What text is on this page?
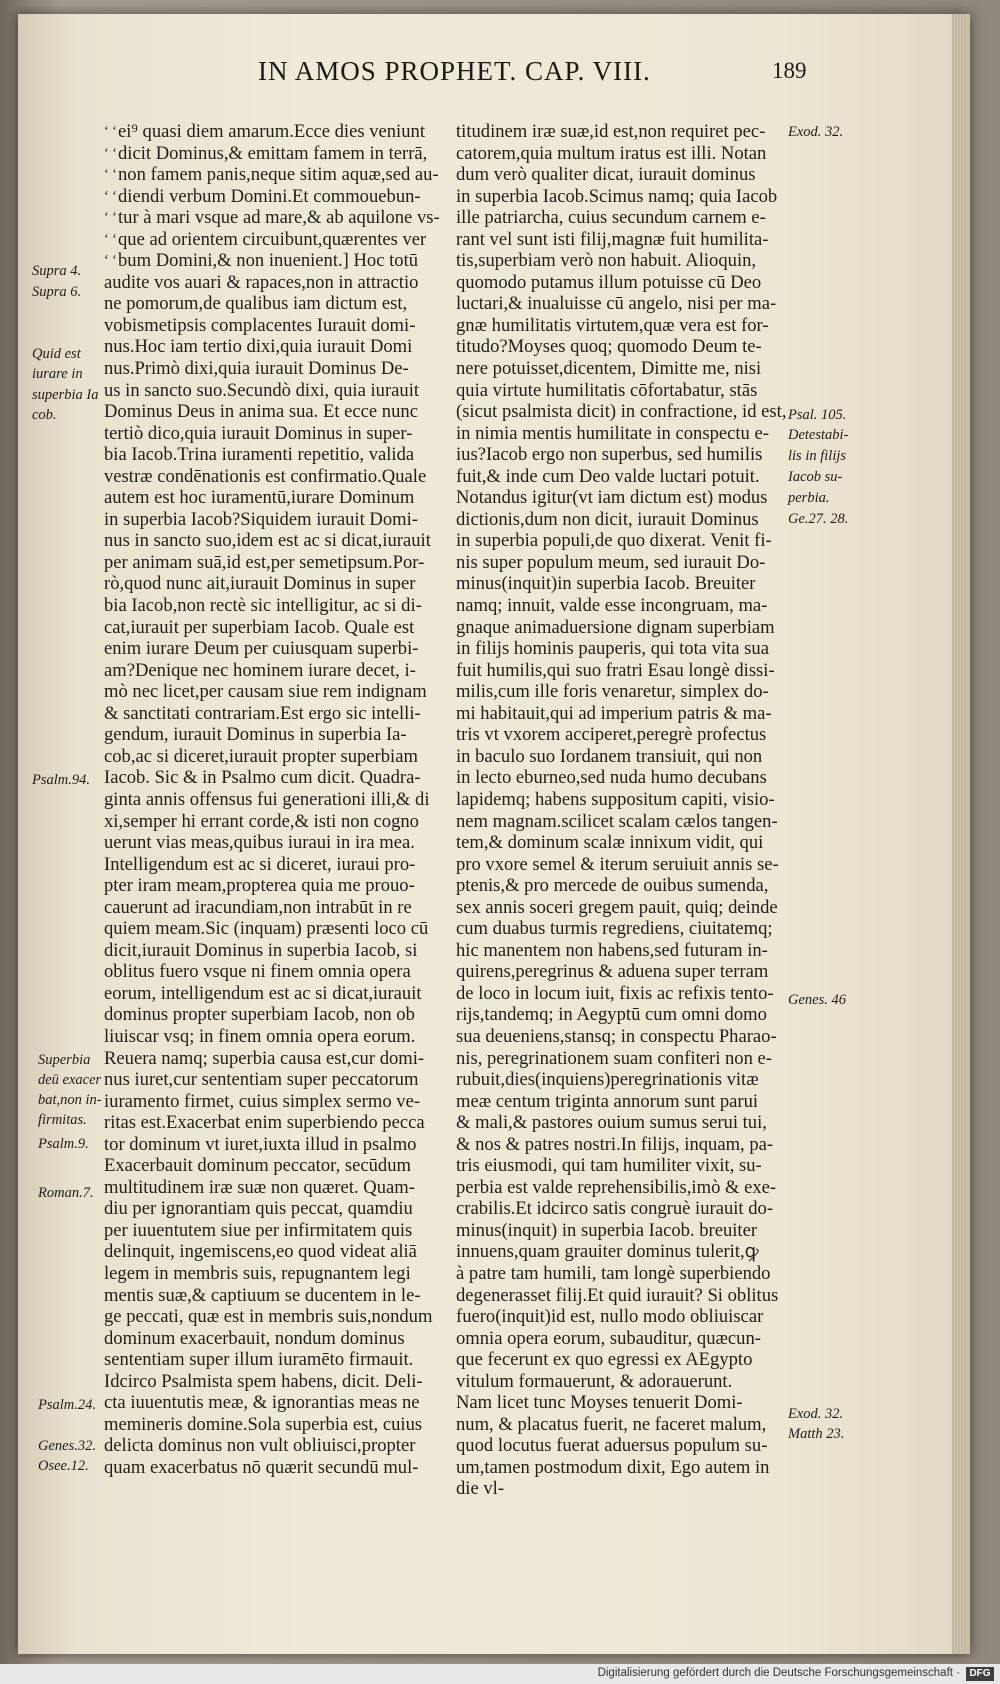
IN AMOS PROPHET. CAP. VIII.	189
‘ ‘ei⁹ quasi diem amarum.Ecce dies veniunt
‘ ‘dicit Dominus,& emittam famem in terrā,
‘ ‘non famem panis,neque sitim aquæ,sed au-
‘ ‘diendi verbum Domini.Et commouebun-
‘ ‘tur à mari vsque ad mare,& ab aquilone vs-
‘ ‘que ad orientem circuibunt,quærentes ver
‘ ‘bum Domini,& non inuenient.] Hoc totū
audite vos auari & rapaces,non in attractio
ne pomorum,de qualibus iam dictum est,
vobismetipsis complacentes Iurauit domi-
nus.Hoc iam tertio dixi,quia iurauit Domi
nus.Primò dixi,quia iurauit Dominus De-
us in sancto suo.Secundò dixi, quia iurauit
Dominus Deus in anima sua. Et ecce nunc
tertiò dico,quia iurauit Dominus in super-
bia Iacob.Trina iuramenti repetitio, valida
vestræ condēnationis est confirmatio.Quale
autem est hoc iuramentū,iurare Dominum
in superbia Iacob?Siquidem iurauit Domi-
nus in sancto suo,idem est ac si dicat,iurauit
per animam suā,id est,per semetipsum.Por-
rò,quod nunc ait,iurauit Dominus in super
bia Iacob,non rectè sic intelligitur, ac si di-
cat,iurauit per superbiam Iacob. Quale est
enim iurare Deum per cuiusquam superbi-
am?Denique nec hominem iurare decet, i-
mò nec licet,per causam siue rem indignam
& sanctitati contrariam.Est ergo sic intelli-
gendum, iurauit Dominus in superbia Ia-
cob,ac si diceret,iurauit propter superbiam
Iacob. Sic & in Psalmo cum dicit. Quadra-
ginta annis offensus fui generationi illi,& di
xi,semper hi errant corde,& isti non cogno
uerunt vias meas,quibus iuraui in ira mea.
Intelligendum est ac si diceret, iuraui pro-
pter iram meam,propterea quia me prouo-
cauerunt ad iracundiam,non intrabūt in re
quiem meam.Sic (inquam) præsenti loco cū
dicit,iurauit Dominus in superbia Iacob, si
oblitus fuero vsque ni finem omnia opera
eorum, intelligendum est ac si dicat,iurauit
dominus propter superbiam Iacob, non ob
liuiscar vsq; in finem omnia opera eorum.
Reuera namq; superbia causa est,cur domi-
nus iuret,cur sententiam super peccatorum
iuramento firmet, cuius simplex sermo ve-
ritas est.Exacerbat enim superbiendo pecca
tor dominum vt iuret,iuxta illud in psalmo
Exacerbauit dominum peccator, secūdum
multitudinem iræ suæ non quæret. Quam-
diu per ignorantiam quis peccat, quamdiu
per iuuentutem siue per infirmitatem quis
delinquit, ingemiscens,eo quod videat aliā
legem in membris suis, repugnantem legi
mentis suæ,& captiuum se ducentem in le-
ge peccati, quæ est in membris suis,nondum
dominum exacerbauit, nondum dominus
sententiam super illum iuramēto firmauit.
Idcirco Psalmista spem habens, dicit. Deli-
cta iuuentutis meæ, & ignorantias meas ne
memineris domine.Sola superbia est, cuius
delicta dominus non vult obliuisci,propter
quam exacerbatus nō quærit secundū mul-
titudinem iræ suæ,id est,non requiret pec-
catorem,quia multum iratus est illi. Notan
dum verò qualiter dicat, iurauit dominus
in superbia Iacob.Scimus namq; quia Iacob
ille patriarcha, cuius secundum carnem e-
rant vel sunt isti filij,magnæ fuit humilita-
tis,superbiam verò non habuit. Alioquin,
quomodo putamus illum potuisse cū Deo
luctari,& inualuisse cū angelo, nisi per ma-
gnæ humilitatis virtutem,quæ vera est for-
titudo?Moyses quoq; quomodo Deum te-
nere potuisset,dicentem, Dimitte me, nisi
quia virtute humilitatis cōfortabatur, stās
(sicut psalmista dicit) in confractione, id est,
in nimia mentis humilitate in conspectu e-
ius?Iacob ergo non superbus, sed humilis
fuit,& inde cum Deo valde luctari potuit.
Notandus igitur(vt iam dictum est) modus
dictionis,dum non dicit, iurauit Dominus
in superbia populi,de quo dixerat. Venit fi-
nis super populum meum, sed iurauit Do-
minus(inquit)in superbia Iacob. Breuiter
namq; innuit, valde esse incongruam, ma-
gnaque animaduersione dignam superbiam
in filijs hominis pauperis, qui tota vita sua
fuit humilis,qui suo fratri Esau longè dissi-
milis,cum ille foris venaretur, simplex do-
mi habitauit,qui ad imperium patris & ma-
tris vt vxorem acciperet,peregrè profectus
in baculo suo Iordanem transiuit, qui non
in lecto eburneo,sed nuda humo decubans
lapidemq; habens suppositum capiti, visio-
nem magnam.scilicet scalam cælos tangen-
tem,& dominum scalæ innixum vidit, qui
pro vxore semel & iterum seruiuit annis se-
ptenis,& pro mercede de ouibus sumenda,
sex annis soceri gregem pauit, quiq; deinde
cum duabus turmis regrediens, ciuitatemq;
hic manentem non habens,sed futuram in-
quirens,peregrinus & aduena super terram
de loco in locum iuit, fixis ac refixis tento-
rijs,tandemq; in Aegyptū cum omni domo
sua deueniens,stansq; in conspectu Pharao-
nis, peregrinationem suam confiteri non e-
rubuit,dies(inquiens)peregrinationis vitæ
meæ centum triginta annorum sunt parui
& mali,& pastores ouium sumus serui tui,
& nos & patres nostri.In filijs, inquam, pa-
tris eiusmodi, qui tam humiliter vixit, su-
perbia est valde reprehensibilis,imò & exe-
crabilis.Et idcirco satis congruè iurauit do-
minus(inquit) in superbia Iacob. breuiter
innuens,quam grauiter dominus tulerit,ꝙ
à patre tam humili, tam longè superbiendo
degenerasset filij.Et quid iurauit? Si oblitus
fuero(inquit)id est, nullo modo obliuiscar
omnia opera eorum, subauditur, quæcun-
que fecerunt ex quo egressi ex AEgypto
vitulum formauerunt, & adorauerunt.
Nam licet tunc Moyses tenuerit Domi-
num, & placatus fuerit, ne faceret malum,
quod locutus fuerat aduersus populum su-
um,tamen postmodum dixit, Ego autem in
die vl-
Supra 4.
Supra 6.
Quid est
iurare in
superbia Ia
cob.
Psalm.94.
Superbia
deū exacer
bat,non in-
firmitas.
Psalm.9.
Roman.7.
Psalm.24.
Genes.32.
Osee.12.
Exod. 32.
Psal. 105.
Detestabi-
lis in filijs
Iacob su-
perbia.
Ge.27. 28.
Genes. 46
Exod. 32.
Matth 23.
Digitalisierung gefördert durch die Deutsche Forschungsgemeinschaft · DFG
